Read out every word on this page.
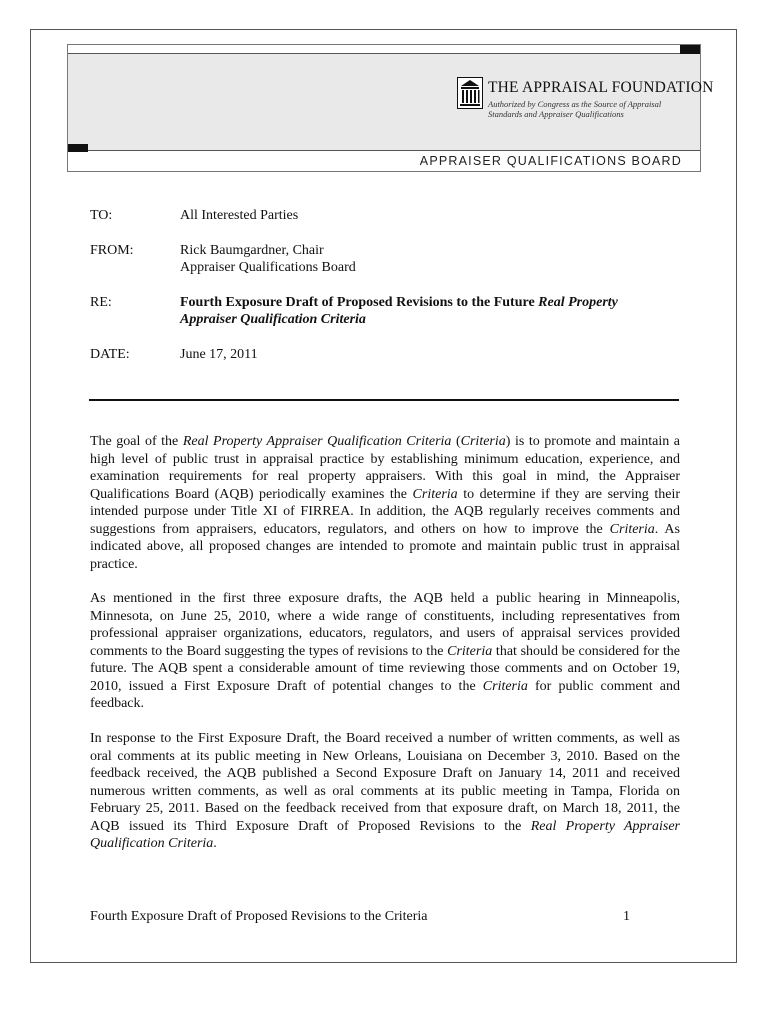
THE APPRAISAL FOUNDATION
Authorized by Congress as the Source of Appraisal
Standards and Appraiser Qualifications
APPRAISER QUALIFICATIONS BOARD
TO:	All Interested Parties
FROM:	Rick Baumgardner, Chair
Appraiser Qualifications Board
RE:	Fourth Exposure Draft of Proposed Revisions to the Future Real Property
Appraiser Qualification Criteria
DATE:	June 17, 2011

The goal of the Real Property Appraiser Qualification Criteria (Criteria) is to promote and maintain a high level of public trust in appraisal practice by establishing minimum education, experience, and examination requirements for real property appraisers. With this goal in mind, the Appraiser Qualifications Board (AQB) periodically examines the Criteria to determine if they are serving their intended purpose under Title XI of FIRREA. In addition, the AQB regularly receives comments and suggestions from appraisers, educators, regulators, and others on how to improve the Criteria. As indicated above, all proposed changes are intended to promote and maintain public trust in appraisal practice.

As mentioned in the first three exposure drafts, the AQB held a public hearing in Minneapolis, Minnesota, on June 25, 2010, where a wide range of constituents, including representatives from professional appraiser organizations, educators, regulators, and users of appraisal services provided comments to the Board suggesting the types of revisions to the Criteria that should be considered for the future. The AQB spent a considerable amount of time reviewing those comments and on October 19, 2010, issued a First Exposure Draft of potential changes to the Criteria for public comment and feedback.

In response to the First Exposure Draft, the Board received a number of written comments, as well as oral comments at its public meeting in New Orleans, Louisiana on December 3, 2010. Based on the feedback received, the AQB published a Second Exposure Draft on January 14, 2011 and received numerous written comments, as well as oral comments at its public meeting in Tampa, Florida on February 25, 2011. Based on the feedback received from that exposure draft, on March 18, 2011, the AQB issued its Third Exposure Draft of Proposed Revisions to the Real Property Appraiser Qualification Criteria.

Fourth Exposure Draft of Proposed Revisions to the Criteria	1
